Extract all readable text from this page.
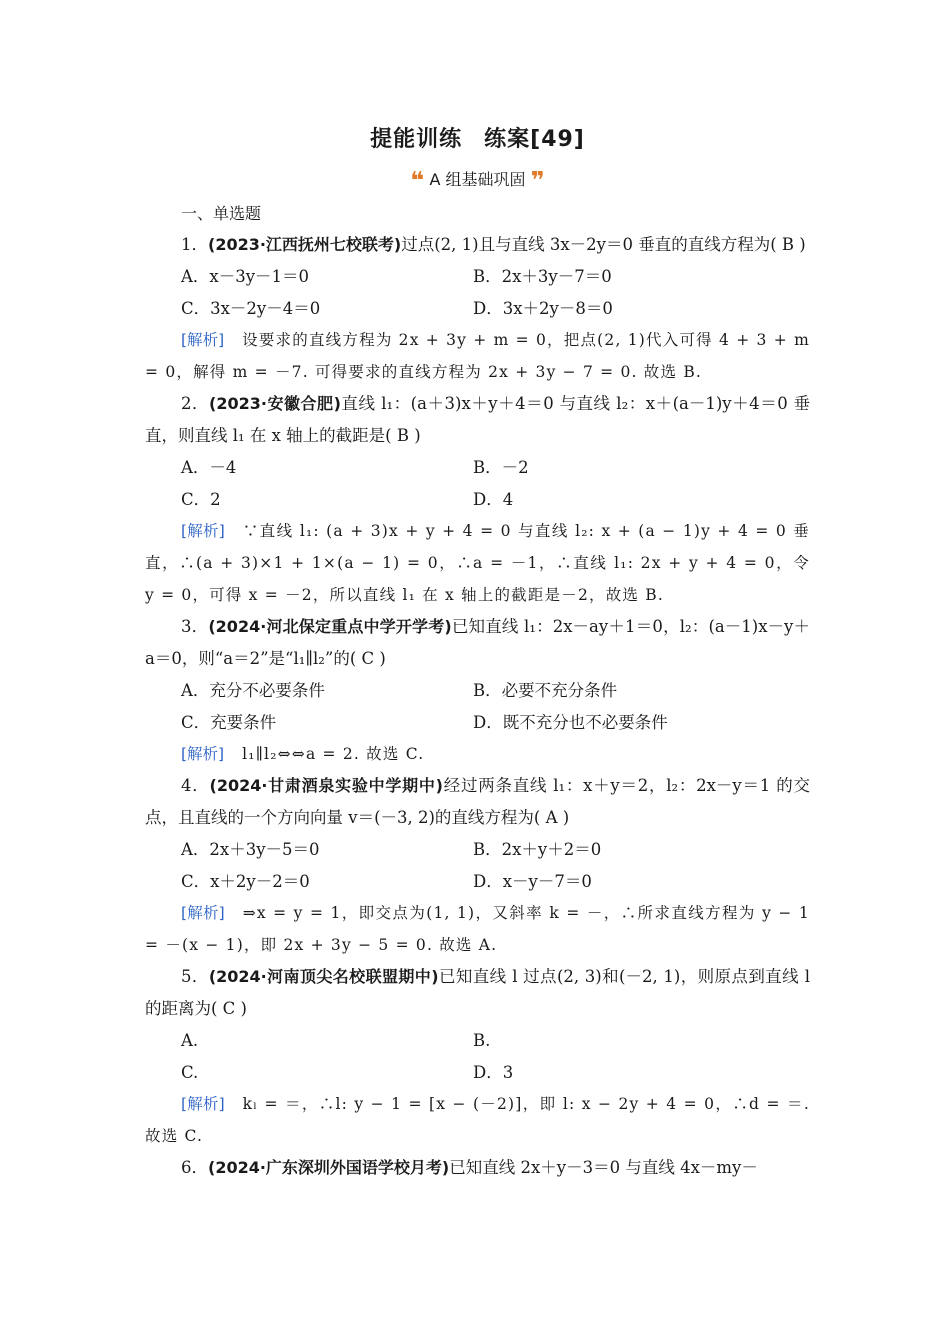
提能训练 练案[49]
❝ A 组基础巩固 ❞
一、单选题

1．(2023·江西抚州七校联考)过点(2, 1)且与直线 3x－2y＝0 垂直的直线方程为( B )

A．x－3y－1＝0	B．2x＋3y－7＝0
C．3x－2y－4＝0	D．3x＋2y－8＝0

[解析] 设要求的直线方程为 2x + 3y + m = 0，把点(2, 1)代入可得 4 + 3 + m = 0，解得 m = －7. 可得要求的直线方程为 2x + 3y − 7 = 0. 故选 B.

2．(2023·安徽合肥)直线 l₁：(a＋3)x＋y＋4＝0 与直线 l₂：x＋(a－1)y＋4＝0 垂直，则直线 l₁ 在 x 轴上的截距是( B )

A．－4	B．－2
C．2	D．4

[解析] ∵直线 l₁: (a + 3)x + y + 4 = 0 与直线 l₂: x + (a − 1)y + 4 = 0 垂直，∴(a + 3)×1 + 1×(a − 1) = 0，∴a = －1，∴直线 l₁: 2x + y + 4 = 0，令 y = 0，可得 x = －2，所以直线 l₁ 在 x 轴上的截距是－2，故选 B.

3．(2024·河北保定重点中学开学考)已知直线 l₁：2x－ay＋1＝0，l₂：(a－1)x－y＋a＝0，则“a＝2”是“l₁∥l₂”的( C )

A．充分不必要条件	B．必要不充分条件
C．充要条件	D．既不充分也不必要条件

[解析] l₁∥l₂⇔⇔a = 2. 故选 C.

4．(2024·甘肃酒泉实验中学期中)经过两条直线 l₁：x＋y＝2，l₂：2x－y＝1 的交点，且直线的一个方向向量 v＝(－3, 2)的直线方程为( A )

A．2x＋3y－5＝0	B．2x＋y＋2＝0
C．x＋2y－2＝0	D．x－y－7＝0

[解析] ⇒x = y = 1，即交点为(1, 1)，又斜率 k = －，∴所求直线方程为 y − 1 = －(x − 1)，即 2x + 3y − 5 = 0. 故选 A.

5．(2024·河南顶尖名校联盟期中)已知直线 l 过点(2, 3)和(－2, 1)，则原点到直线 l 的距离为( C )

A.	B.
C.	D．3

[解析] kₗ = ＝，∴l: y − 1 = [x − (－2)]，即 l: x − 2y + 4 = 0，∴d = ＝. 故选 C.

6．(2024·广东深圳外国语学校月考)已知直线 2x＋y－3＝0 与直线 4x－my－
